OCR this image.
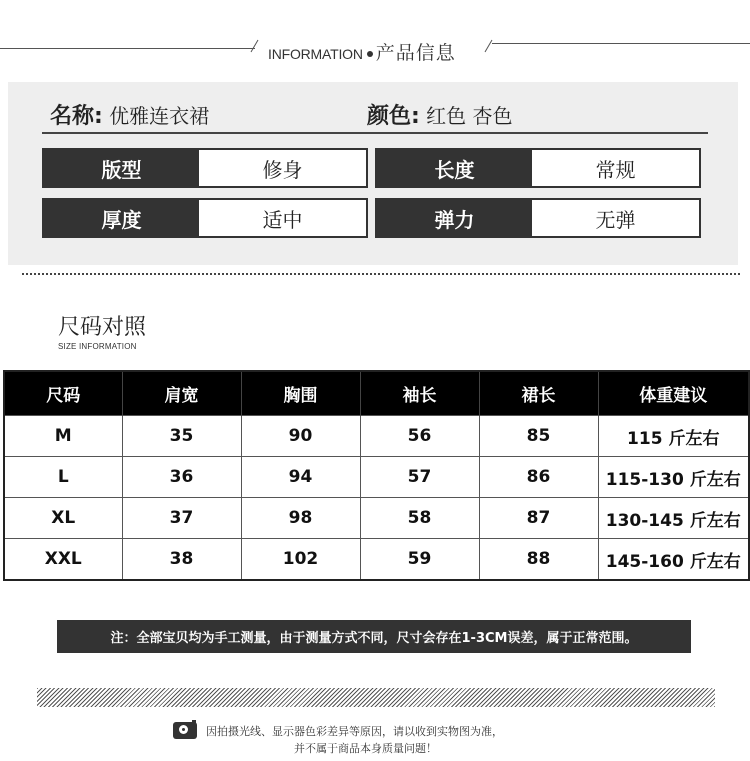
INFORMATION 产品信息
名称: 优雅连衣裙	颜色: 红色 杏色
版型	修身	长度	常规
厚度	适中	弹力	无弹
尺码对照
SIZE INFORMATION
尺码	肩宽	胸围	袖长	裙长	体重建议
M	35	90	56	85	115 斤左右
L	36	94	57	86	115-130 斤左右
XL	37	98	58	87	130-145 斤左右
XXL	38	102	59	88	145-160 斤左右
注：全部宝贝均为手工测量，由于测量方式不同，尺寸会存在1-3CM误差，属于正常范围。
因拍摄光线、显示器色彩差异等原因，请以收到实物图为准，
并不属于商品本身质量问题！
